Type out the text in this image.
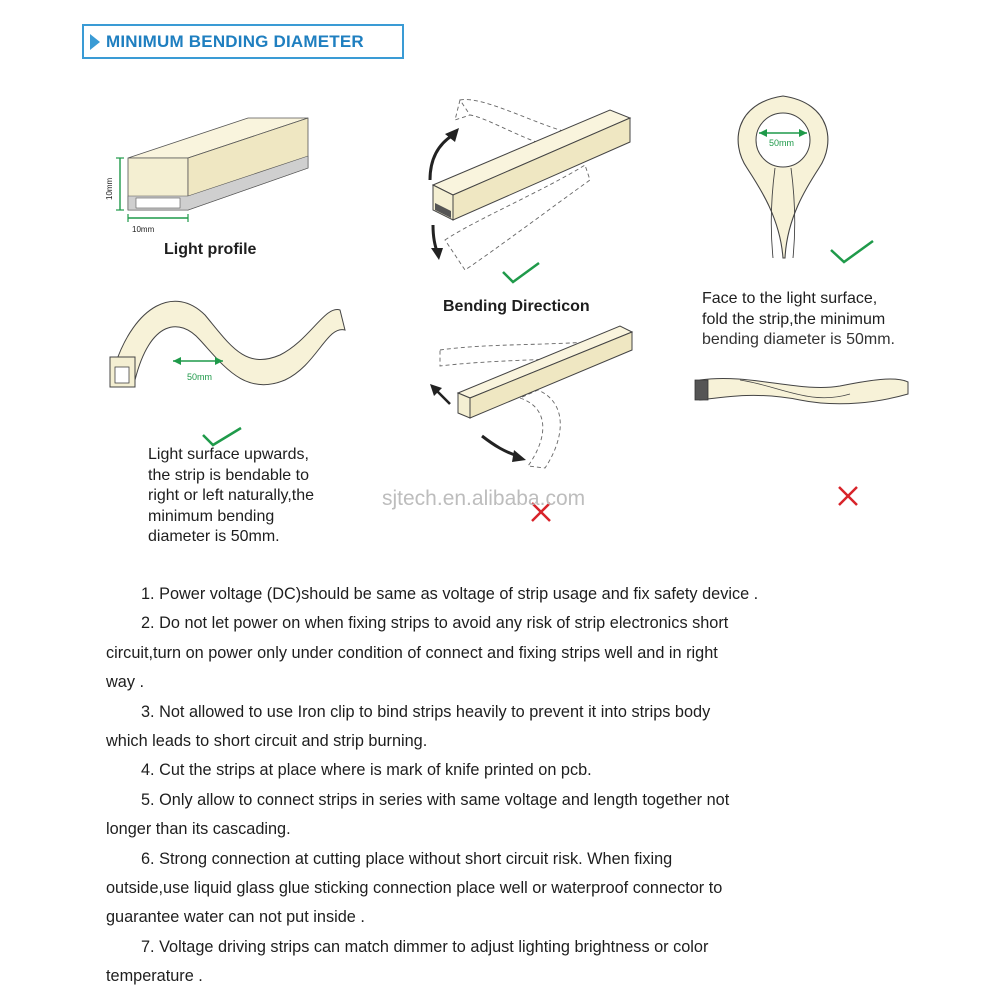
MINIMUM BENDING DIAMETER
10mm
10mm
Light profile
50mm
Light surface upwards,
the strip is bendable to
right or left naturally,the
minimum bending
diameter is 50mm.
Bending Directicon
50mm
Face to the light surface,
fold the strip,the minimum
bending diameter is 50mm.
sjtech.en.alibaba.com

1. Power voltage (DC)should be same as voltage of strip usage and fix safety device .

2. Do not let power on when fixing strips to avoid any risk of strip electronics short
circuit,turn on power only under condition of connect and fixing strips well and in right
way .

3. Not allowed to use Iron clip to bind strips heavily to prevent it into strips body
which leads to short circuit and strip burning.

4. Cut the strips at place where is mark of knife printed on pcb.

5. Only allow to connect strips in series with same voltage and length together not
longer than its cascading.

6. Strong connection at cutting place without short circuit risk. When fixing
outside,use liquid glass glue sticking connection place well or waterproof connector to
guarantee water can not put inside .

7. Voltage driving strips can match dimmer to adjust lighting brightness or color
temperature .
